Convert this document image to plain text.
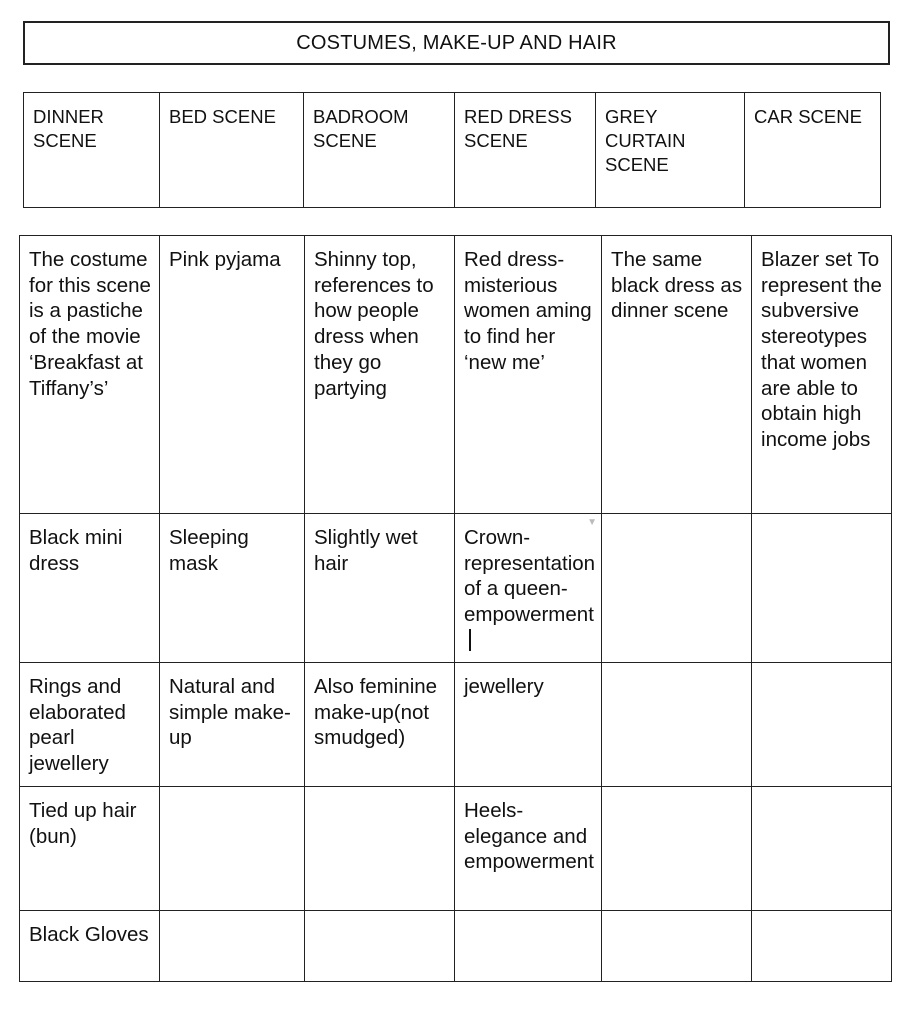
COSTUMES, MAKE-UP AND HAIR
DINNER SCENE	BED SCENE	BADROOM SCENE	RED DRESS SCENE	GREY CURTAIN SCENE	CAR SCENE
The costume for this scene is a pastiche of the movie ‘Breakfast at Tiffany’s’	Pink pyjama	Shinny top, references to how people dress when they go partying	Red dress-misterious women aming to find her ‘new me’	The same black dress as dinner scene	Blazer set To represent the subversive stereotypes that women are able to obtain high income jobs
Black mini dress	Sleeping mask	Slightly wet hair	Crown-representation of a queen-empowerment
▼		

Rings and elaborated pearl jewellery	Natural and simple make-up	Also feminine make-up(not smudged)	jewellery		
Tied up hair (bun)			Heels-elegance and empowerment		
Black Gloves					
